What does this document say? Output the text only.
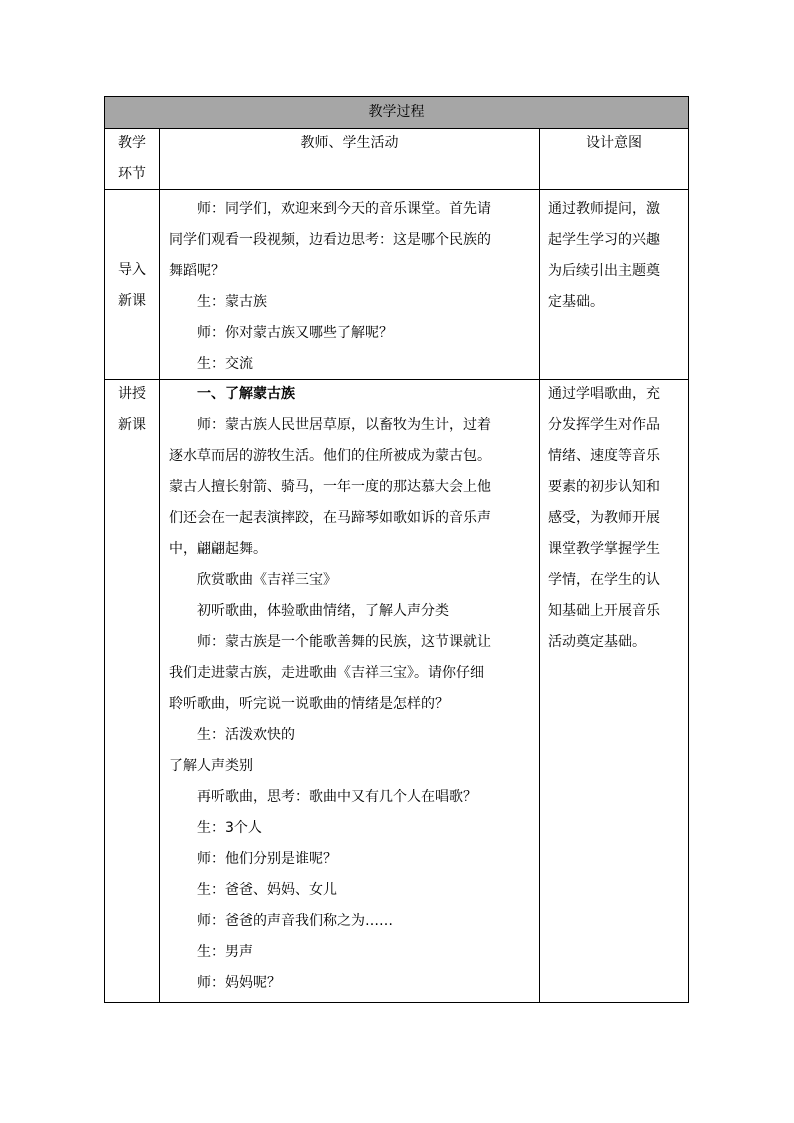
教学过程
教学
环节
教师、学生活动	设计意图
导入
新课
师：同学们，欢迎来到今天的音乐课堂。首先请
同学们观看一段视频，边看边思考：这是哪个民族的
舞蹈呢？
生：蒙古族
师：你对蒙古族又哪些了解呢？
生：交流
通过教师提问，激
起学生学习的兴趣
为后续引出主题奠
定基础。
讲授
新课
一、了解蒙古族
师：蒙古族人民世居草原，以畜牧为生计，过着
逐水草而居的游牧生活。他们的住所被成为蒙古包。
蒙古人擅长射箭、骑马，一年一度的那达慕大会上他
们还会在一起表演摔跤，在马蹄琴如歌如诉的音乐声
中，翩翩起舞。
欣赏歌曲《吉祥三宝》
初听歌曲，体验歌曲情绪，了解人声分类
师：蒙古族是一个能歌善舞的民族，这节课就让
我们走进蒙古族，走进歌曲《吉祥三宝》。请你仔细
聆听歌曲，听完说一说歌曲的情绪是怎样的？
生：活泼欢快的
了解人声类别
再听歌曲，思考：歌曲中又有几个人在唱歌？
生：3个人
师：他们分别是谁呢？
生：爸爸、妈妈、女儿
师：爸爸的声音我们称之为……
生：男声
师：妈妈呢？
通过学唱歌曲，充
分发挥学生对作品
情绪、速度等音乐
要素的初步认知和
感受，为教师开展
课堂教学掌握学生
学情，在学生的认
知基础上开展音乐
活动奠定基础。
